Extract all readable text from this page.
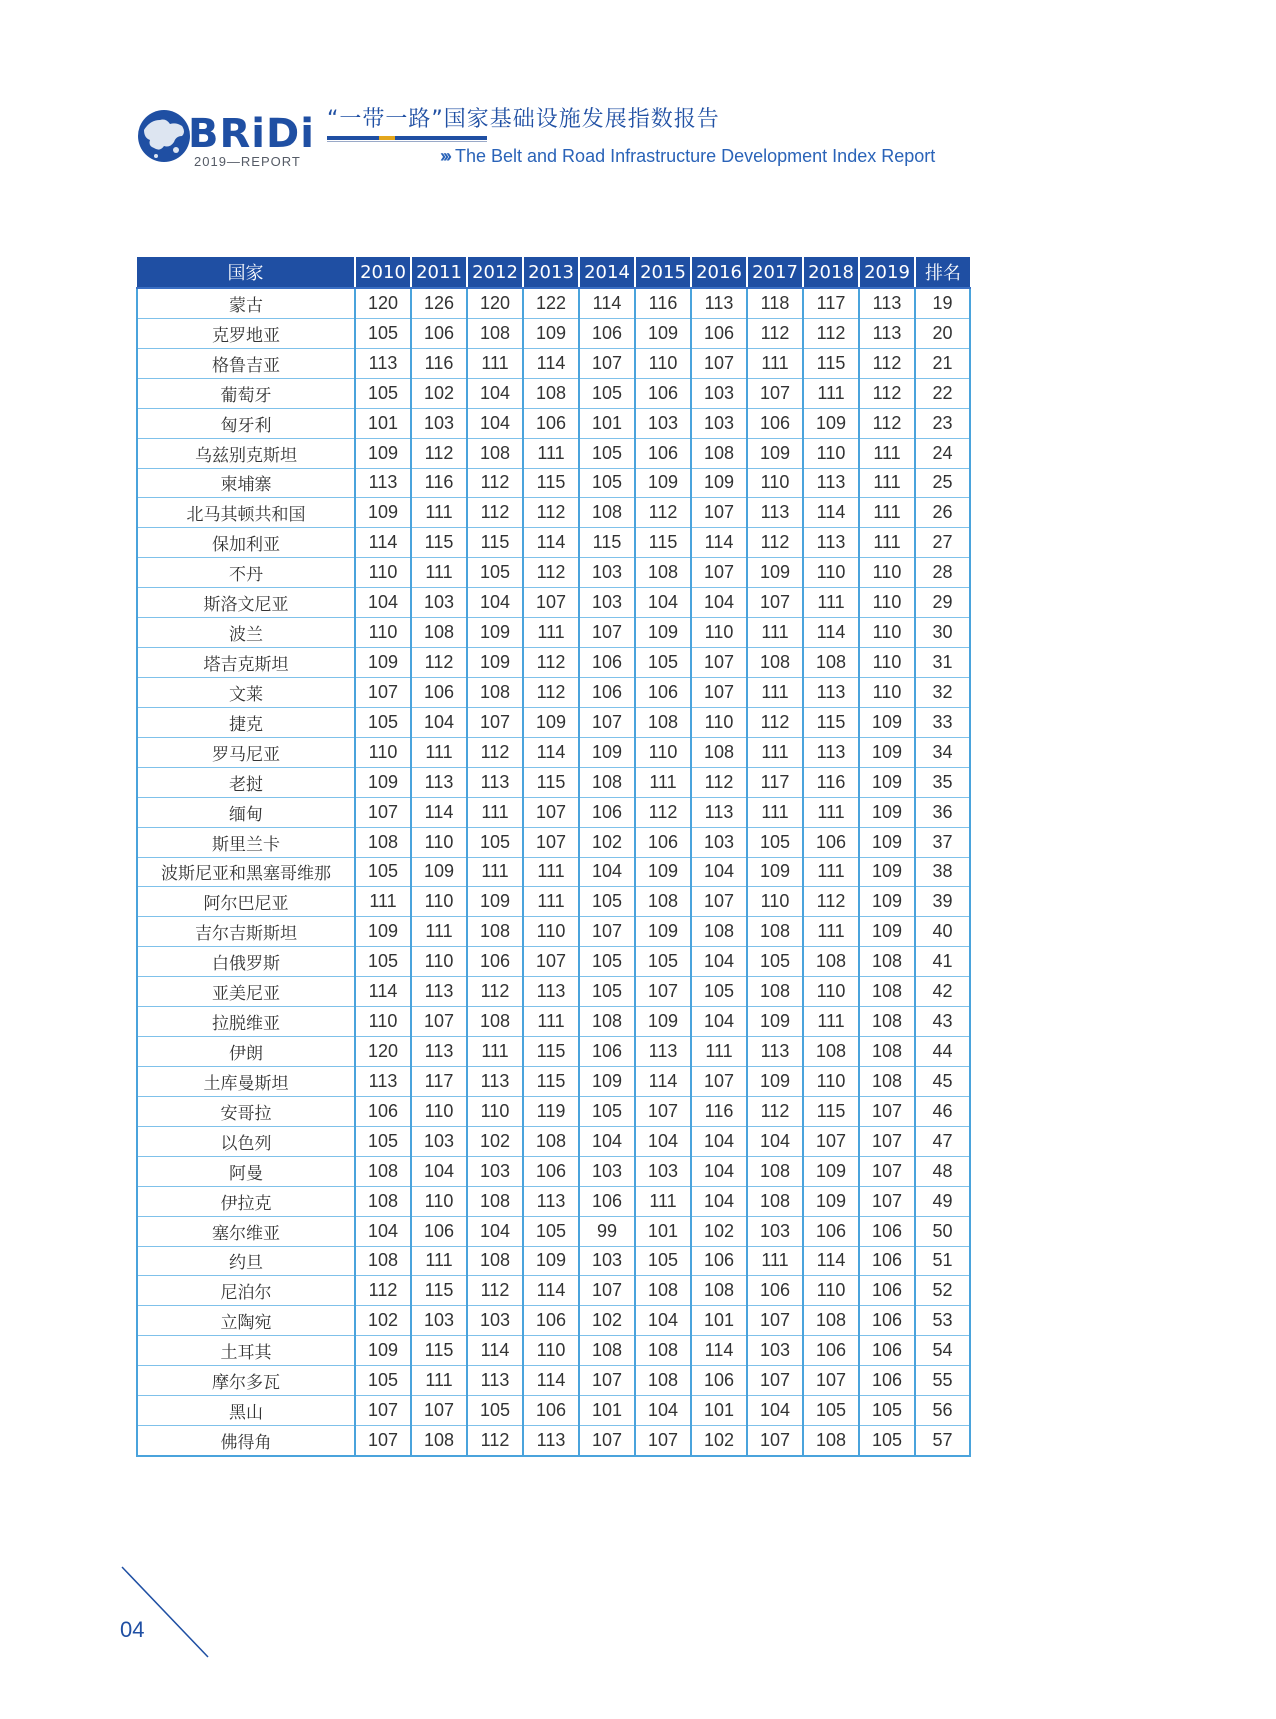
BRiDi
2019—REPORT
“一带一路”国家基础设施发展指数报告
››› The Belt and Road Infrastructure Development Index Report
国家	2010	2011	2012	2013	2014	2015	2016	2017	2018	2019	排名
蒙古	120	126	120	122	114	116	113	118	117	113	19
克罗地亚	105	106	108	109	106	109	106	112	112	113	20
格鲁吉亚	113	116	111	114	107	110	107	111	115	112	21
葡萄牙	105	102	104	108	105	106	103	107	111	112	22
匈牙利	101	103	104	106	101	103	103	106	109	112	23
乌兹别克斯坦	109	112	108	111	105	106	108	109	110	111	24
柬埔寨	113	116	112	115	105	109	109	110	113	111	25
北马其顿共和国	109	111	112	112	108	112	107	113	114	111	26
保加利亚	114	115	115	114	115	115	114	112	113	111	27
不丹	110	111	105	112	103	108	107	109	110	110	28
斯洛文尼亚	104	103	104	107	103	104	104	107	111	110	29
波兰	110	108	109	111	107	109	110	111	114	110	30
塔吉克斯坦	109	112	109	112	106	105	107	108	108	110	31
文莱	107	106	108	112	106	106	107	111	113	110	32
捷克	105	104	107	109	107	108	110	112	115	109	33
罗马尼亚	110	111	112	114	109	110	108	111	113	109	34
老挝	109	113	113	115	108	111	112	117	116	109	35
缅甸	107	114	111	107	106	112	113	111	111	109	36
斯里兰卡	108	110	105	107	102	106	103	105	106	109	37
波斯尼亚和黑塞哥维那	105	109	111	111	104	109	104	109	111	109	38
阿尔巴尼亚	111	110	109	111	105	108	107	110	112	109	39
吉尔吉斯斯坦	109	111	108	110	107	109	108	108	111	109	40
白俄罗斯	105	110	106	107	105	105	104	105	108	108	41
亚美尼亚	114	113	112	113	105	107	105	108	110	108	42
拉脱维亚	110	107	108	111	108	109	104	109	111	108	43
伊朗	120	113	111	115	106	113	111	113	108	108	44
土库曼斯坦	113	117	113	115	109	114	107	109	110	108	45
安哥拉	106	110	110	119	105	107	116	112	115	107	46
以色列	105	103	102	108	104	104	104	104	107	107	47
阿曼	108	104	103	106	103	103	104	108	109	107	48
伊拉克	108	110	108	113	106	111	104	108	109	107	49
塞尔维亚	104	106	104	105	99	101	102	103	106	106	50
约旦	108	111	108	109	103	105	106	111	114	106	51
尼泊尔	112	115	112	114	107	108	108	106	110	106	52
立陶宛	102	103	103	106	102	104	101	107	108	106	53
土耳其	109	115	114	110	108	108	114	103	106	106	54
摩尔多瓦	105	111	113	114	107	108	106	107	107	106	55
黑山	107	107	105	106	101	104	101	104	105	105	56
佛得角	107	108	112	113	107	107	102	107	108	105	57
04
